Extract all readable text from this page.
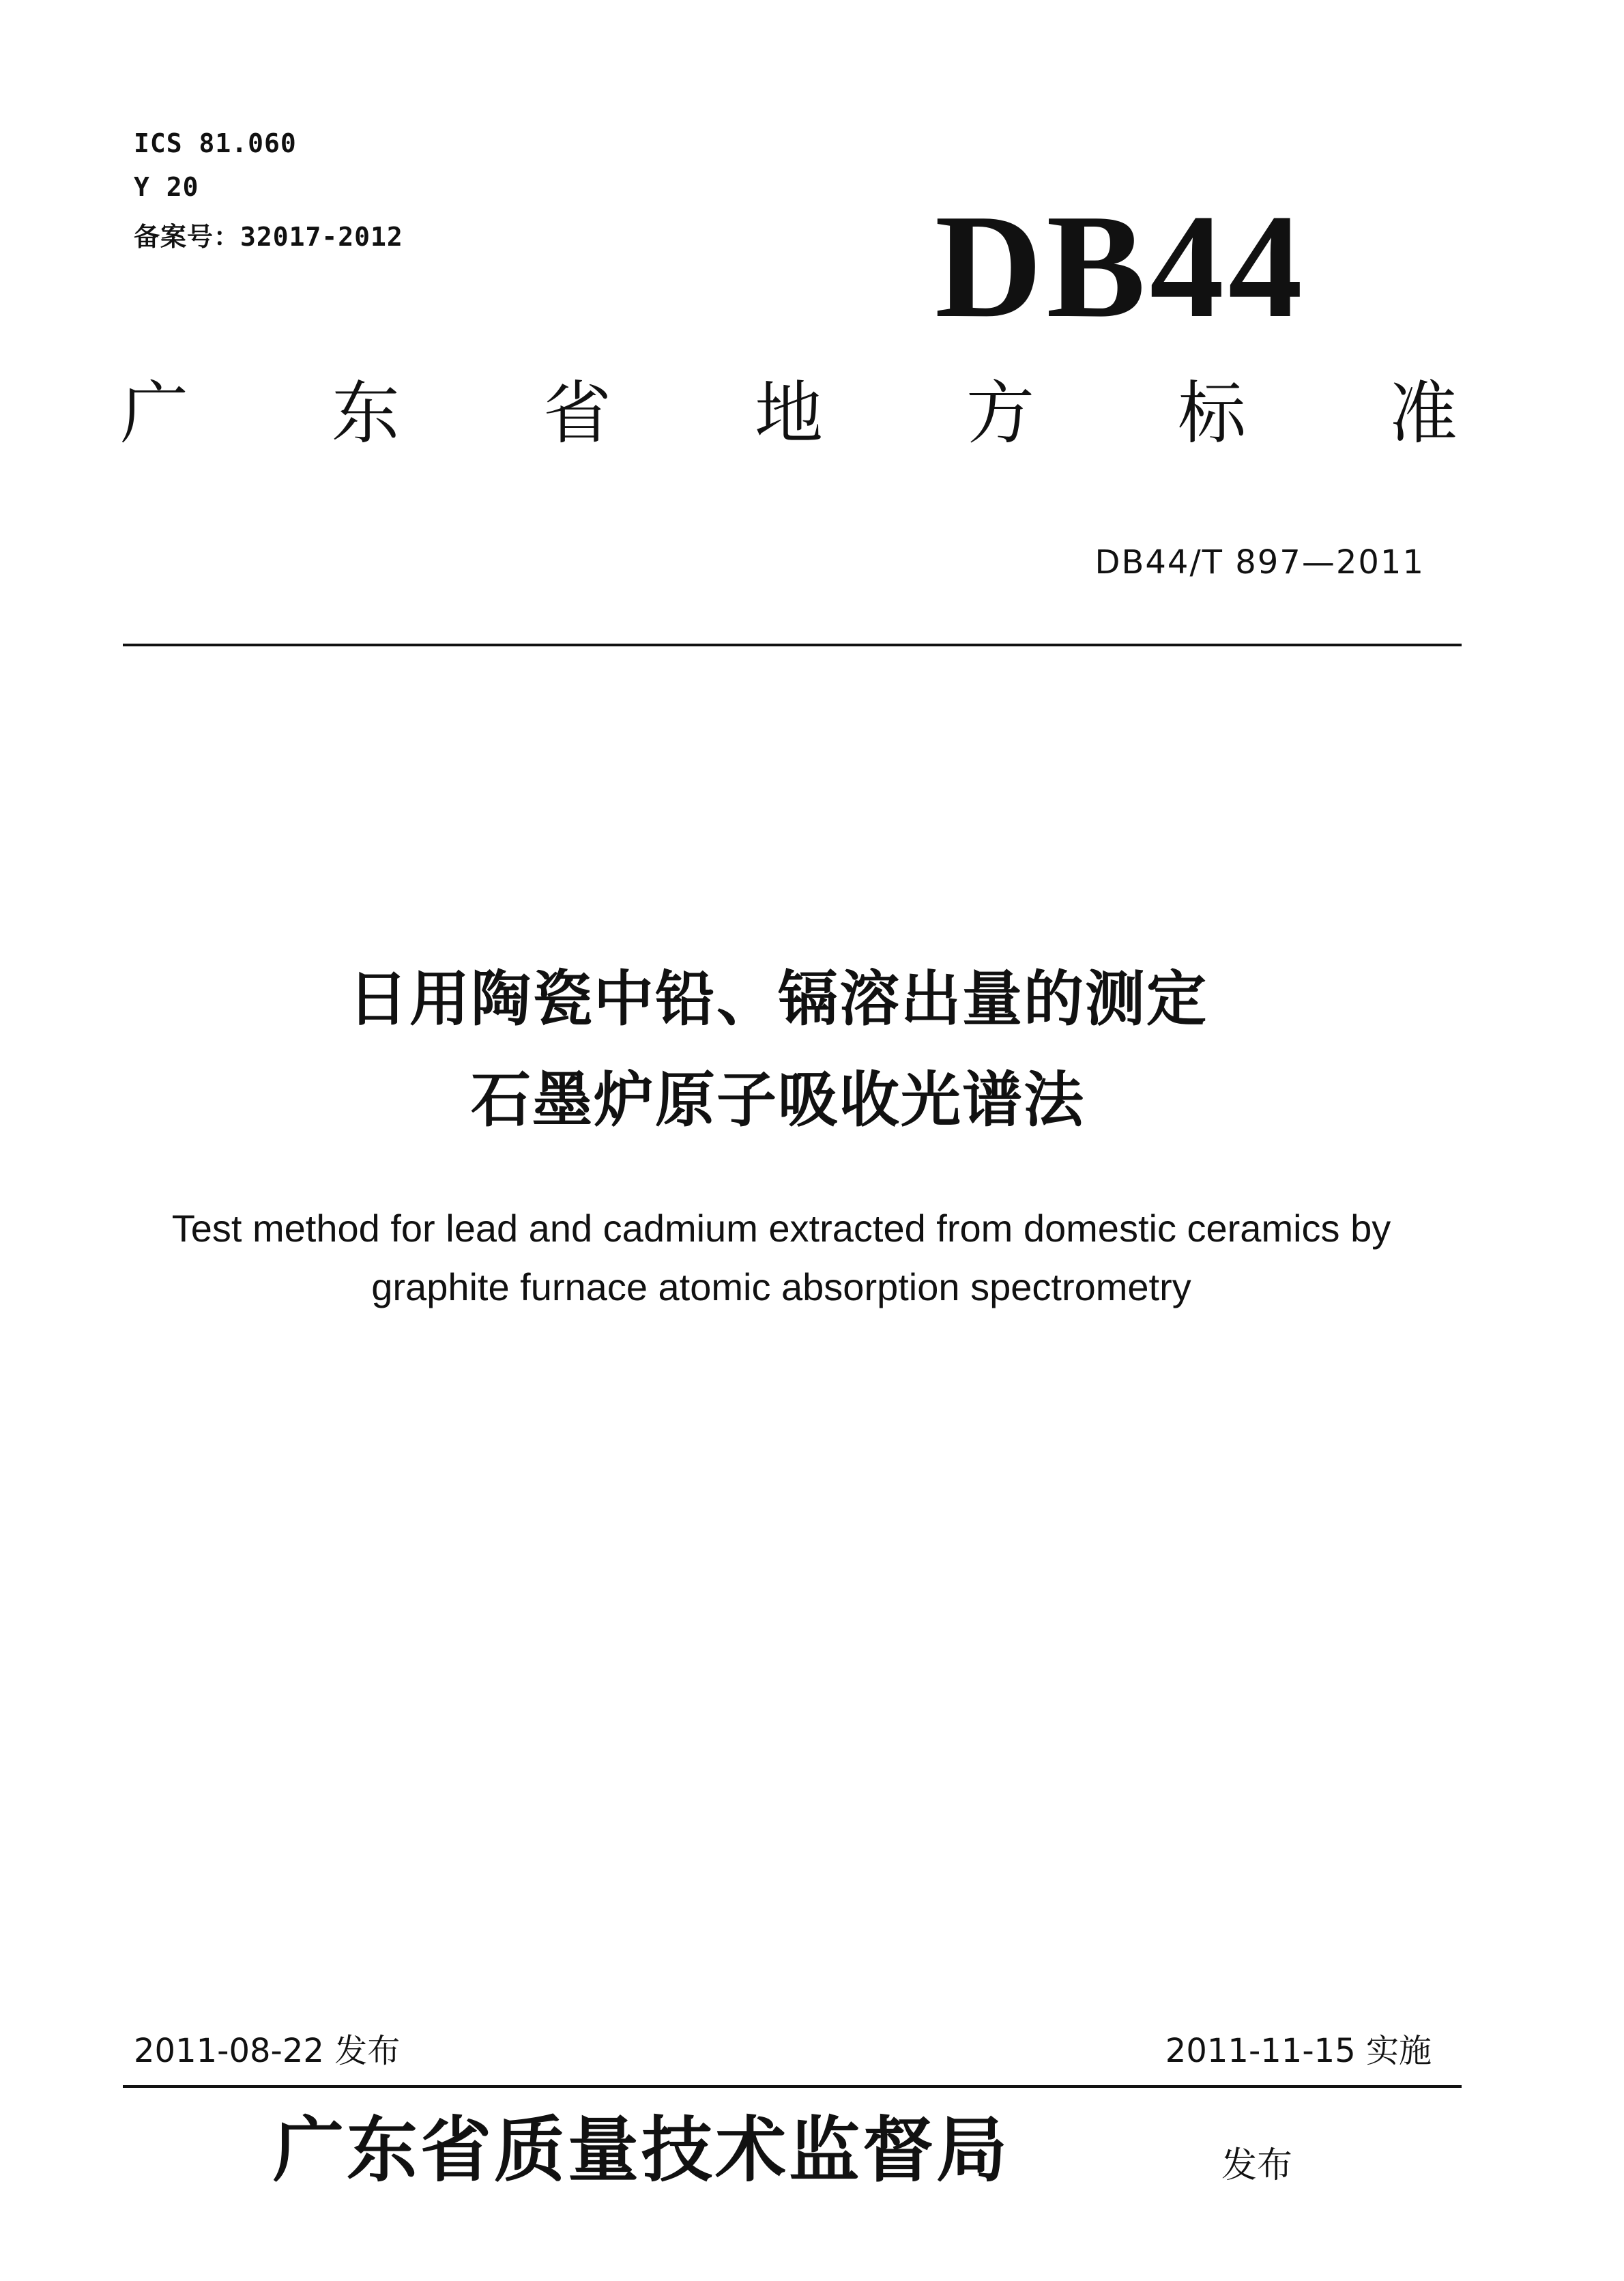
ICS 81.060
Y 20
备案号：32017-2012	DB44
广 东 省 地 方 标 准
DB44/T 897—2011
日用陶瓷中铅、镉溶出量的测定
石墨炉原子吸收光谱法
Test method for lead and cadmium extracted from domestic ceramics by
graphite furnace atomic absorption spectrometry
2011-08-22 发布	2011-11-15 实施
广东省质量技术监督局	发布
